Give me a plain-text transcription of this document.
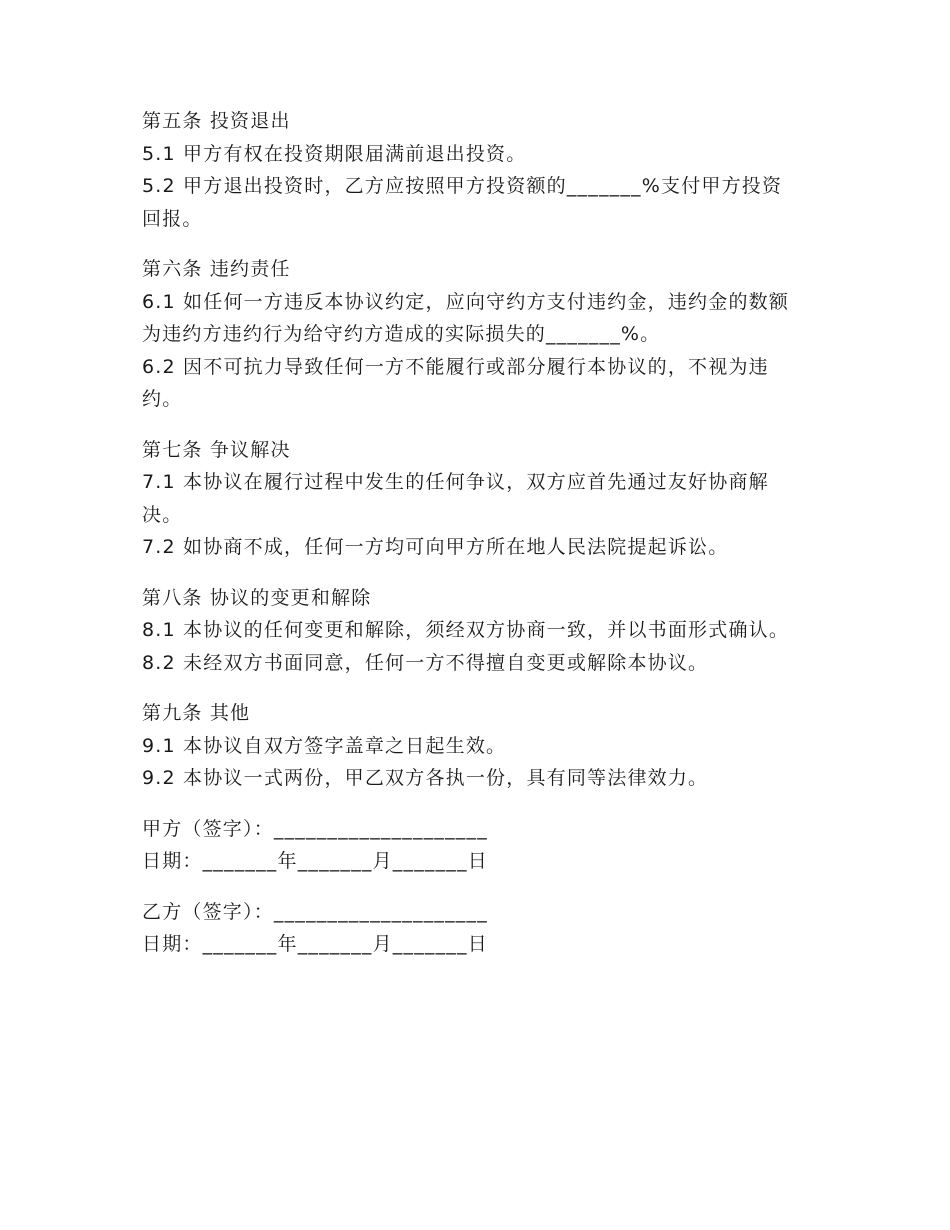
第五条 投资退出

5.1 甲方有权在投资期限届满前退出投资。

5.2 甲方退出投资时，乙方应按照甲方投资额的_______%支付甲方投资回报。

第六条 违约责任

6.1 如任何一方违反本协议约定，应向守约方支付违约金，违约金的数额为违约方违约行为给守约方造成的实际损失的_______%。

6.2 因不可抗力导致任何一方不能履行或部分履行本协议的，不视为违约。

第七条 争议解决

7.1 本协议在履行过程中发生的任何争议，双方应首先通过友好协商解决。

7.2 如协商不成，任何一方均可向甲方所在地人民法院提起诉讼。

第八条 协议的变更和解除

8.1 本协议的任何变更和解除，须经双方协商一致，并以书面形式确认。

8.2 未经双方书面同意，任何一方不得擅自变更或解除本协议。

第九条 其他

9.1 本协议自双方签字盖章之日起生效。

9.2 本协议一式两份，甲乙双方各执一份，具有同等法律效力。

甲方（签字）：____________________

日期：_______年_______月_______日

乙方（签字）：____________________

日期：_______年_______月_______日
